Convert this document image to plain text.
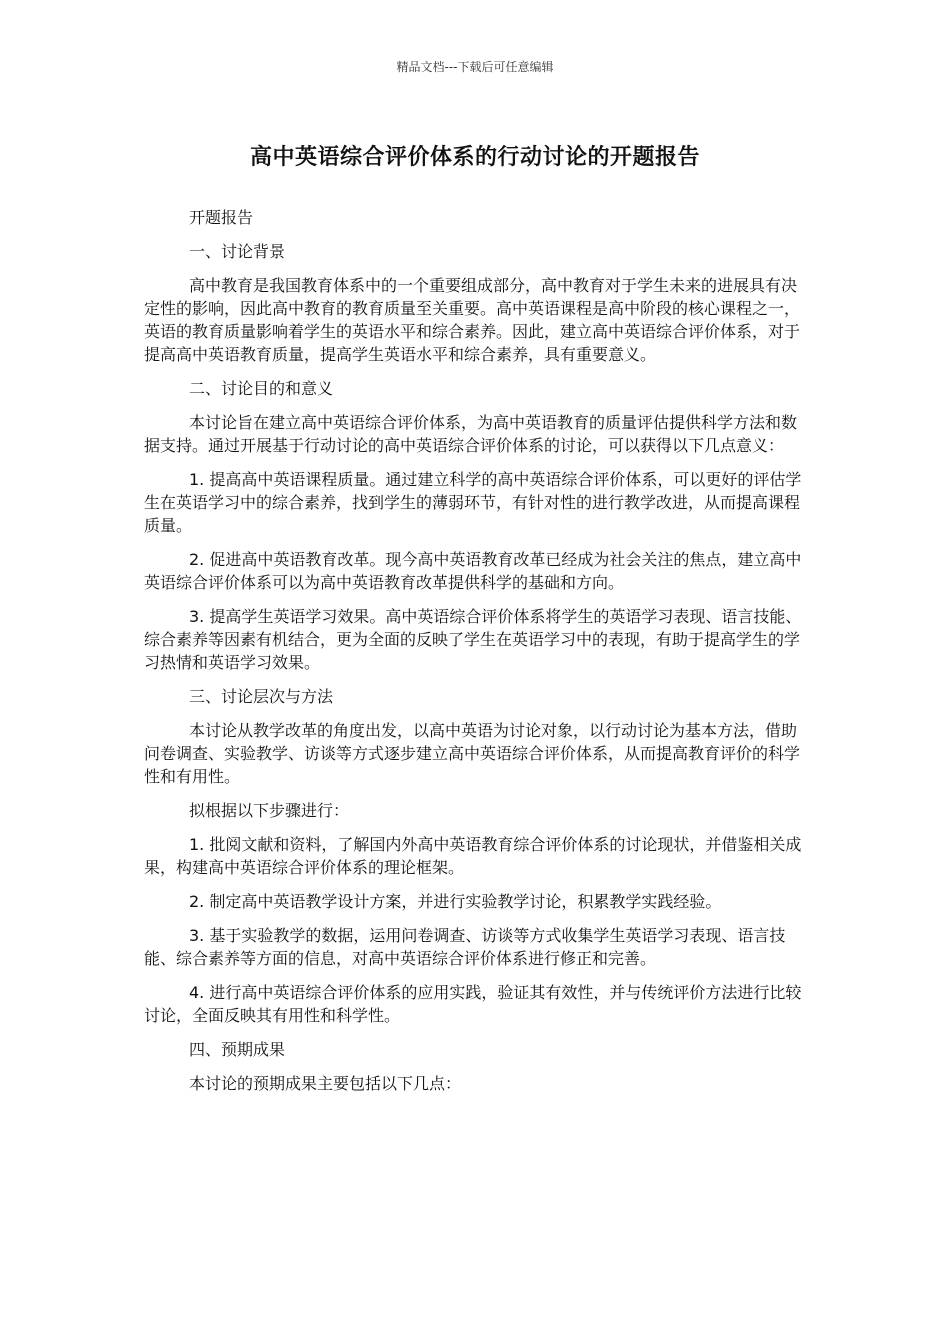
精品文档---下载后可任意编辑
高中英语综合评价体系的行动讨论的开题报告

开题报告

一、讨论背景

高中教育是我国教育体系中的一个重要组成部分，高中教育对于学生未来的进展具有决定性的影响，因此高中教育的教育质量至关重要。高中英语课程是高中阶段的核心课程之一，英语的教育质量影响着学生的英语水平和综合素养。因此，建立高中英语综合评价体系，对于提高高中英语教育质量，提高学生英语水平和综合素养，具有重要意义。

二、讨论目的和意义

本讨论旨在建立高中英语综合评价体系，为高中英语教育的质量评估提供科学方法和数据支持。通过开展基于行动讨论的高中英语综合评价体系的讨论，可以获得以下几点意义：

1. 提高高中英语课程质量。通过建立科学的高中英语综合评价体系，可以更好的评估学生在英语学习中的综合素养，找到学生的薄弱环节，有针对性的进行教学改进，从而提高课程质量。

2. 促进高中英语教育改革。现今高中英语教育改革已经成为社会关注的焦点，建立高中英语综合评价体系可以为高中英语教育改革提供科学的基础和方向。

3. 提高学生英语学习效果。高中英语综合评价体系将学生的英语学习表现、语言技能、综合素养等因素有机结合，更为全面的反映了学生在英语学习中的表现，有助于提高学生的学习热情和英语学习效果。

三、讨论层次与方法

本讨论从教学改革的角度出发，以高中英语为讨论对象，以行动讨论为基本方法，借助问卷调查、实验教学、访谈等方式逐步建立高中英语综合评价体系，从而提高教育评价的科学性和有用性。

拟根据以下步骤进行：

1. 批阅文献和资料，了解国内外高中英语教育综合评价体系的讨论现状，并借鉴相关成果，构建高中英语综合评价体系的理论框架。

2. 制定高中英语教学设计方案，并进行实验教学讨论，积累教学实践经验。

3. 基于实验教学的数据，运用问卷调查、访谈等方式收集学生英语学习表现、语言技能、综合素养等方面的信息，对高中英语综合评价体系进行修正和完善。

4. 进行高中英语综合评价体系的应用实践，验证其有效性，并与传统评价方法进行比较讨论，全面反映其有用性和科学性。

四、预期成果

本讨论的预期成果主要包括以下几点：
